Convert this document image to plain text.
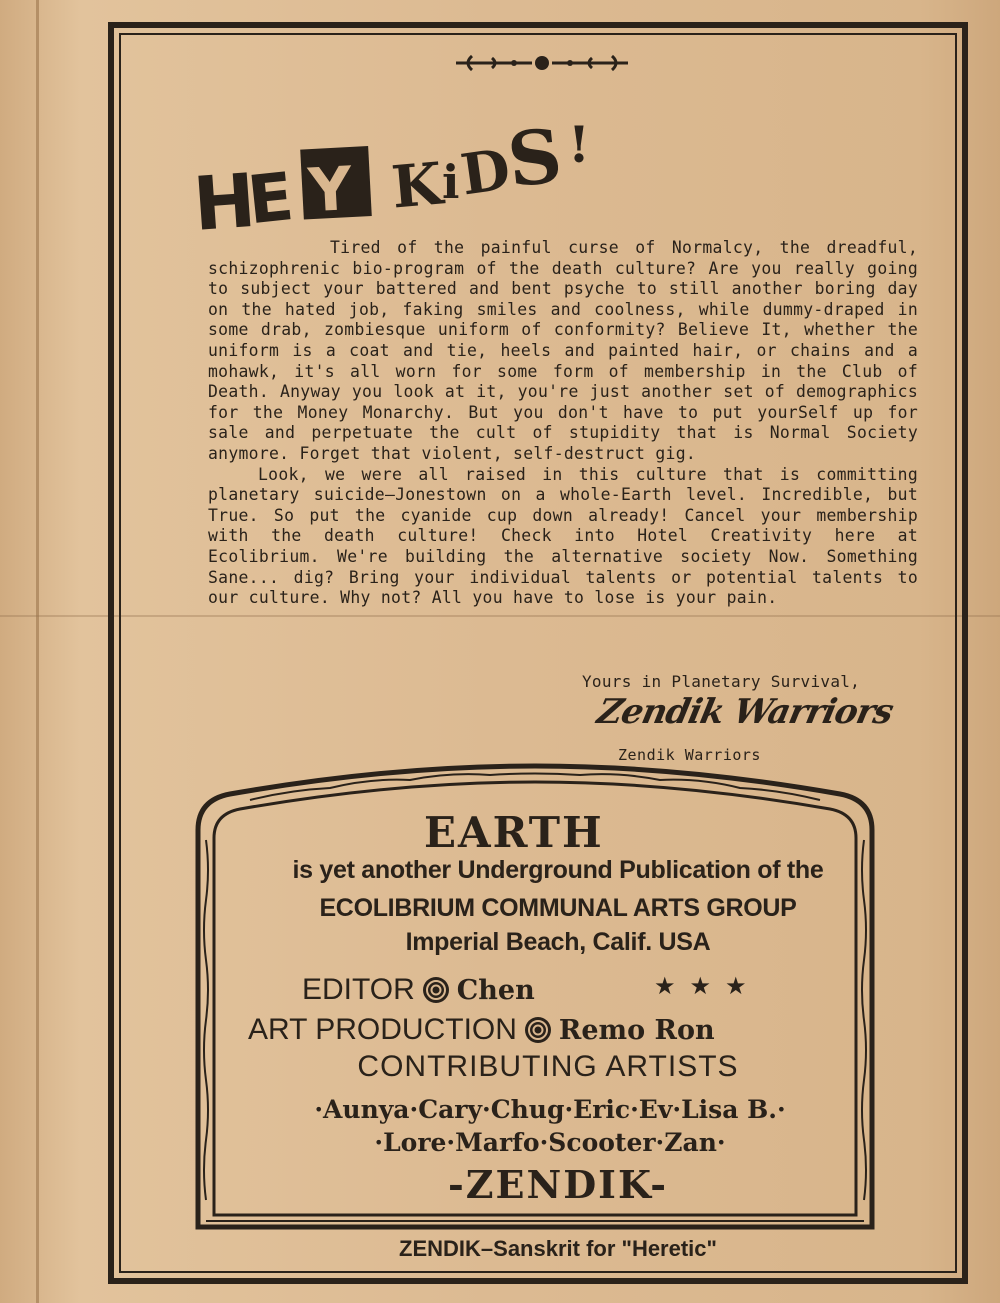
H
E Y K
i
D
S !

Tired of the painful curse of Normalcy, the dreadful, schizophrenic bio-program of the death culture? Are you really going to subject your battered and bent psyche to still another boring day on the hated job, faking smiles and coolness, while dummy-draped in some drab, zombiesque uniform of conformity? Believe It, whether the uniform is a coat and tie, heels and painted hair, or chains and a mohawk, it's all worn for some form of membership in the Club of Death. Anyway you look at it, you're just another set of demographics for the Money Monarchy. But you don't have to put yourSelf up for sale and perpetuate the cult of stupidity that is Normal Society anymore. Forget that violent, self-destruct gig.

Look, we were all raised in this culture that is committing planetary suicide—Jonestown on a whole-Earth level. Incredible, but True. So put the cyanide cup down already! Cancel your membership with the death culture! Check into Hotel Creativity here at Ecolibrium. We're building the alternative society Now. Something Sane... dig? Bring your individual talents or potential talents to our culture. Why not? All you have to lose is your pain.

Yours in Planetary Survival,
Zendik Warriors
Zendik Warriors
EARTH
is yet another Underground Publication of the
ECOLIBRIUM COMMUNAL ARTS GROUP
Imperial Beach, Calif. USA
EDITOR Chen	★★★
ART PRODUCTION Remo Ron
CONTRIBUTING ARTISTS
·Aunya·Cary·Chug·Eric·Ev·Lisa B.·
·Lore·Marfo·Scooter·Zan·
-ZENDIK-
ZENDIK–Sanskrit for "Heretic"
